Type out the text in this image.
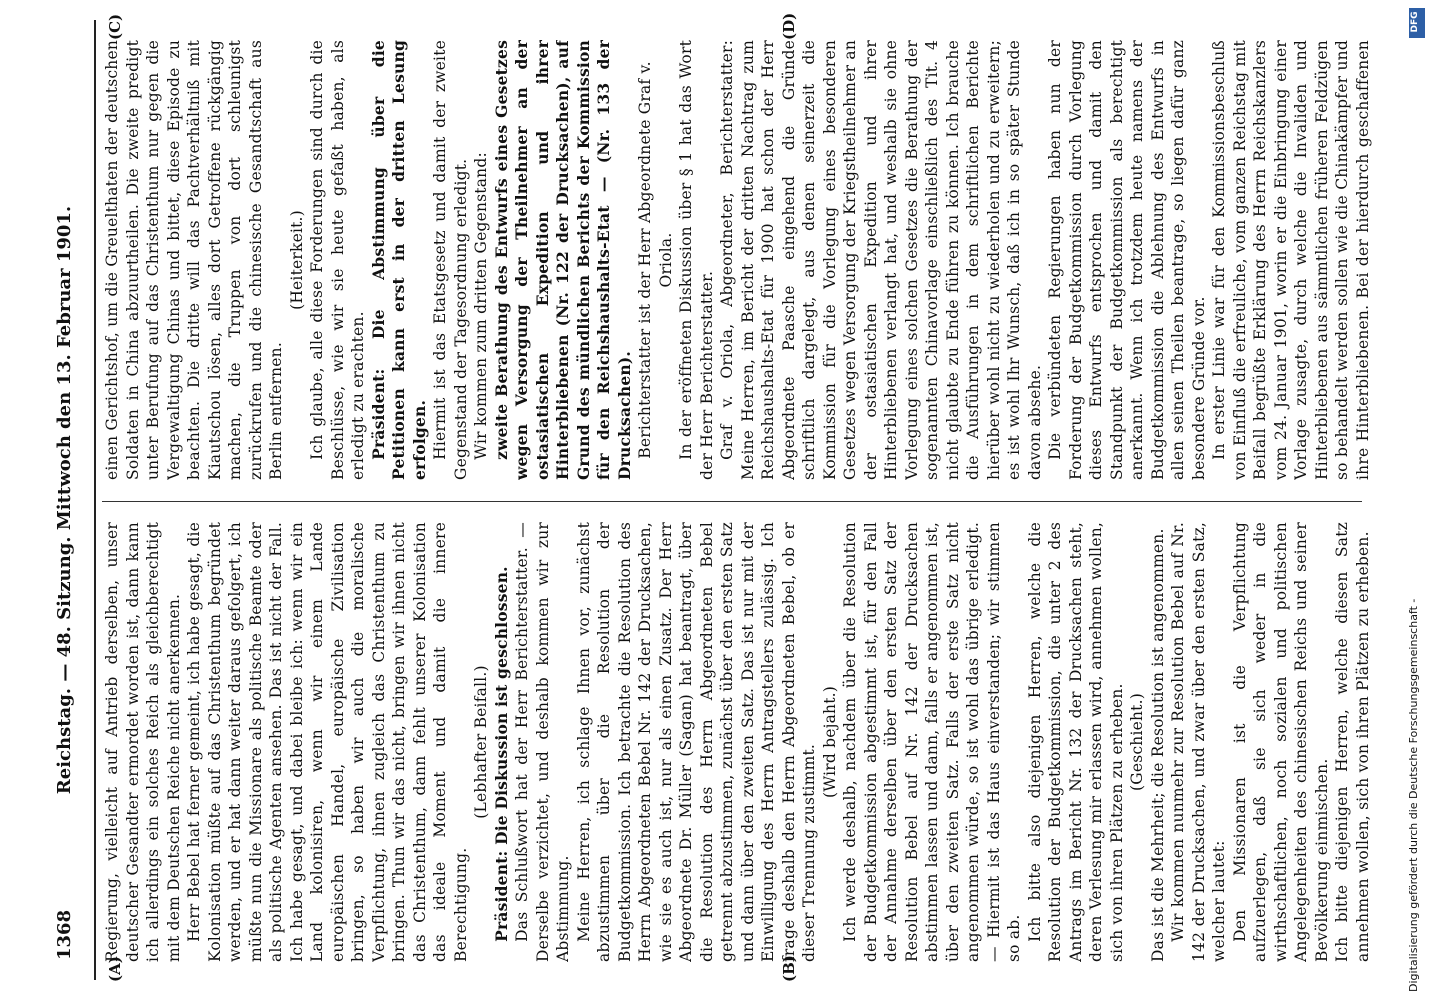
1368
Reichstag. — 48. Sitzung. Mittwoch den 13. Februar 1901.
(A)	(B)
(C)	(D)

Regierung, vielleicht auf Antrieb derselben, unser deutscher Gesandter ermordet worden ist, dann kann ich allerdings ein solches Reich als gleichberechtigt mit dem Deutschen Reiche nicht anerkennen. Herr Bebel hat ferner gemeint, ich habe gesagt, die Kolonisation müßte auf das Christenthum begründet werden, und er hat dann weiter daraus gefolgert, ich müßte nun die Missionare als politische Beamte oder als politische Agenten ansehen. Das ist nicht der Fall. Ich habe gesagt, und dabei bleibe ich: wenn wir ein Land kolonisiren, wenn wir einem Lande europäischen Handel, europäische Zivilisation bringen, so haben wir auch die moralische Verpflichtung, ihnen zugleich das Christenthum zu bringen. Thun wir das nicht, bringen wir ihnen nicht das Christenthum, dann fehlt unserer Kolonisation das ideale Moment und damit die innere Berechtigung.

(Lebhafter Beifall.) Präsident: Die Diskussion ist geschlossen. Das Schlußwort hat der Herr Berichterstatter. — Derselbe verzichtet, und deshalb kommen wir zur Abstimmung. Meine Herren, ich schlage Ihnen vor, zunächst abzustimmen über die Resolution der Budgetkommission. Ich betrachte die Resolution des Herrn Abgeordneten Bebel Nr. 142 der Drucksachen, wie sie es auch ist, nur als einen Zusatz. Der Herr Abgeordnete Dr. Müller (Sagan) hat beantragt, über die Resolution des Herrn Abgeordneten Bebel getrennt abzustimmen, zunächst über den ersten Satz und dann über den zweiten Satz. Das ist nur mit der Einwilligung des Herrn Antragstellers zulässig. Ich frage deshalb den Herrn Abgeordneten Bebel, ob er dieser Trennung zustimmt.

(Wird bejaht.) Ich werde deshalb, nachdem über die Resolution der Budgetkommission abgestimmt ist, für den Fall der Annahme derselben über den ersten Satz der Resolution Bebel auf Nr. 142 der Drucksachen abstimmen lassen und dann, falls er angenommen ist, über den zweiten Satz. Falls der erste Satz nicht angenommen würde, so ist wohl das übrige erledigt. — Hiermit ist das Haus einverstanden; wir stimmen so ab. Ich bitte also diejenigen Herren, welche die Resolution der Budgetkommission, die unter 2 des Antrags im Bericht Nr. 132 der Drucksachen steht, deren Verlesung mir erlassen wird, annehmen wollen, sich von ihren Plätzen zu erheben. (Geschieht.) Das ist die Mehrheit; die Resolution ist angenommen. Wir kommen nunmehr zur Resolution Bebel auf Nr. 142 der Drucksachen, und zwar über den ersten Satz, welcher lautet: Den Missionaren ist die Verpflichtung aufzuerlegen, daß sie sich weder in die wirthschaftlichen, noch sozialen und politischen Angelegenheiten des chinesischen Reichs und seiner Bevölkerung einmischen. Ich bitte diejenigen Herren, welche diesen Satz annehmen wollen, sich von ihren Plätzen zu erheben.

einen Gerichtshof, um die Greuelthaten der deutschen Soldaten in China abzuurtheilen. Die zweite predigt unter Berufung auf das Christenthum nur gegen die Vergewaltigung Chinas und bittet, diese Episode zu beachten. Die dritte will das Pachtverhältniß mit Kiautschou lösen, alles dort Getroffene rückgängig machen, die Truppen von dort schleunigst zurückrufen und die chinesische Gesandtschaft aus Berlin entfernen.

(Heiterkeit.) Ich glaube, alle diese Forderungen sind durch die Beschlüsse, wie wir sie heute gefaßt haben, als erledigt zu erachten. Präsident: Die Abstimmung über die Petitionen kann erst in der dritten Lesung erfolgen. Hiermit ist das Etatsgesetz und damit der zweite Gegenstand der Tagesordnung erledigt. Wir kommen zum dritten Gegenstand: zweite Berathung des Entwurfs eines Gesetzes wegen Versorgung der Theilnehmer an der ostasiatischen Expedition und ihrer Hinterbliebenen (Nr. 122 der Drucksachen), auf Grund des mündlichen Berichts der Kommission für den Reichshaushalts-Etat — (Nr. 133 der Drucksachen). Berichterstatter ist der Herr Abgeordnete Graf v. Oriola. In der eröffneten Diskussion über § 1 hat das Wort der Herr Berichterstatter. Graf v. Oriola, Abgeordneter, Berichterstatter: Meine Herren, im Bericht der dritten Nachtrag zum Reichshaushalts-Etat für 1900 hat schon der Herr Abgeordnete Paasche eingehend die Gründe schriftlich dargelegt, aus denen seinerzeit die Kommission für die Vorlegung eines besonderen Gesetzes wegen Versorgung der Kriegstheilnehmer an der ostasiatischen Expedition und ihrer Hinterbliebenen verlangt hat, und weshalb sie ohne Vorlegung eines solchen Gesetzes die Berathung der sogenannten Chinavorlage einschließlich des Tit. 4 nicht glaubte zu Ende führen zu können. Ich brauche die Ausführungen in dem schriftlichen Berichte hierüber wohl nicht zu wiederholen und zu erweitern; es ist wohl Ihr Wunsch, daß ich in so später Stunde davon absehe. Die verbündeten Regierungen haben nun der Forderung der Budgetkommission durch Vorlegung dieses Entwurfs entsprochen und damit den Standpunkt der Budgetkommission als berechtigt anerkannt. Wenn ich trotzdem heute namens der Budgetkommission die Ablehnung des Entwurfs in allen seinen Theilen beantrage, so liegen dafür ganz besondere Gründe vor. In erster Linie war für den Kommissionsbeschluß von Einfluß die erfreuliche, vom ganzen Reichstag mit Beifall begrüßte Erklärung des Herrn Reichskanzlers vom 24. Januar 1901, worin er die Einbringung einer Vorlage zusagte, durch welche die Invaliden und Hinterbliebenen aus sämmtlichen früheren Feldzügen so behandelt werden sollen wie die Chinakämpfer und ihre Hinterbliebenen. Bei der hierdurch geschaffenen

Digitalisierung gefördert durch die Deutsche Forschungsgemeinschaft -
DFG
